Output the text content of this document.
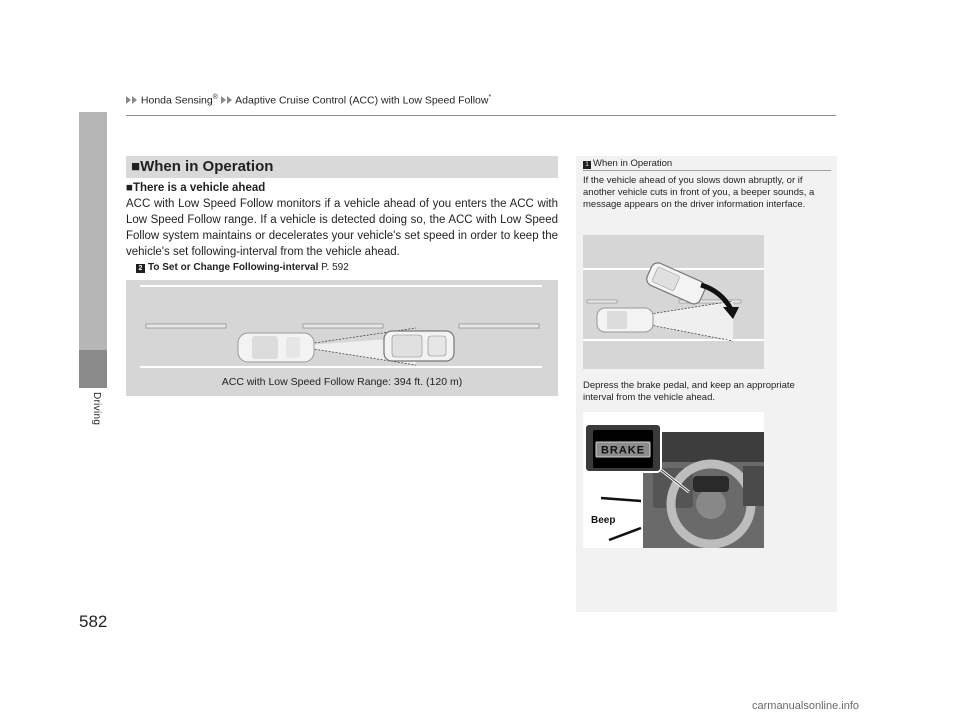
Honda Sensing® Adaptive Cruise Control (ACC) with Low Speed Follow*
Driving
■When in Operation
■There is a vehicle ahead
ACC with Low Speed Follow monitors if a vehicle ahead of you enters the ACC with Low Speed Follow range. If a vehicle is detected doing so, the ACC with Low Speed Follow system maintains or decelerates your vehicle's set speed in order to keep the vehicle's set following-interval from the vehicle ahead.
2 To Set or Change Following-interval P. 592
ACC with Low Speed Follow Range: 394 ft. (120 m)
1 When in Operation
If the vehicle ahead of you slows down abruptly, or if another vehicle cuts in front of you, a beeper sounds, a message appears on the driver information interface.
Depress the brake pedal, and keep an appropriate interval from the vehicle ahead.
BRAKE
Beep
582
carmanualsonline.info
